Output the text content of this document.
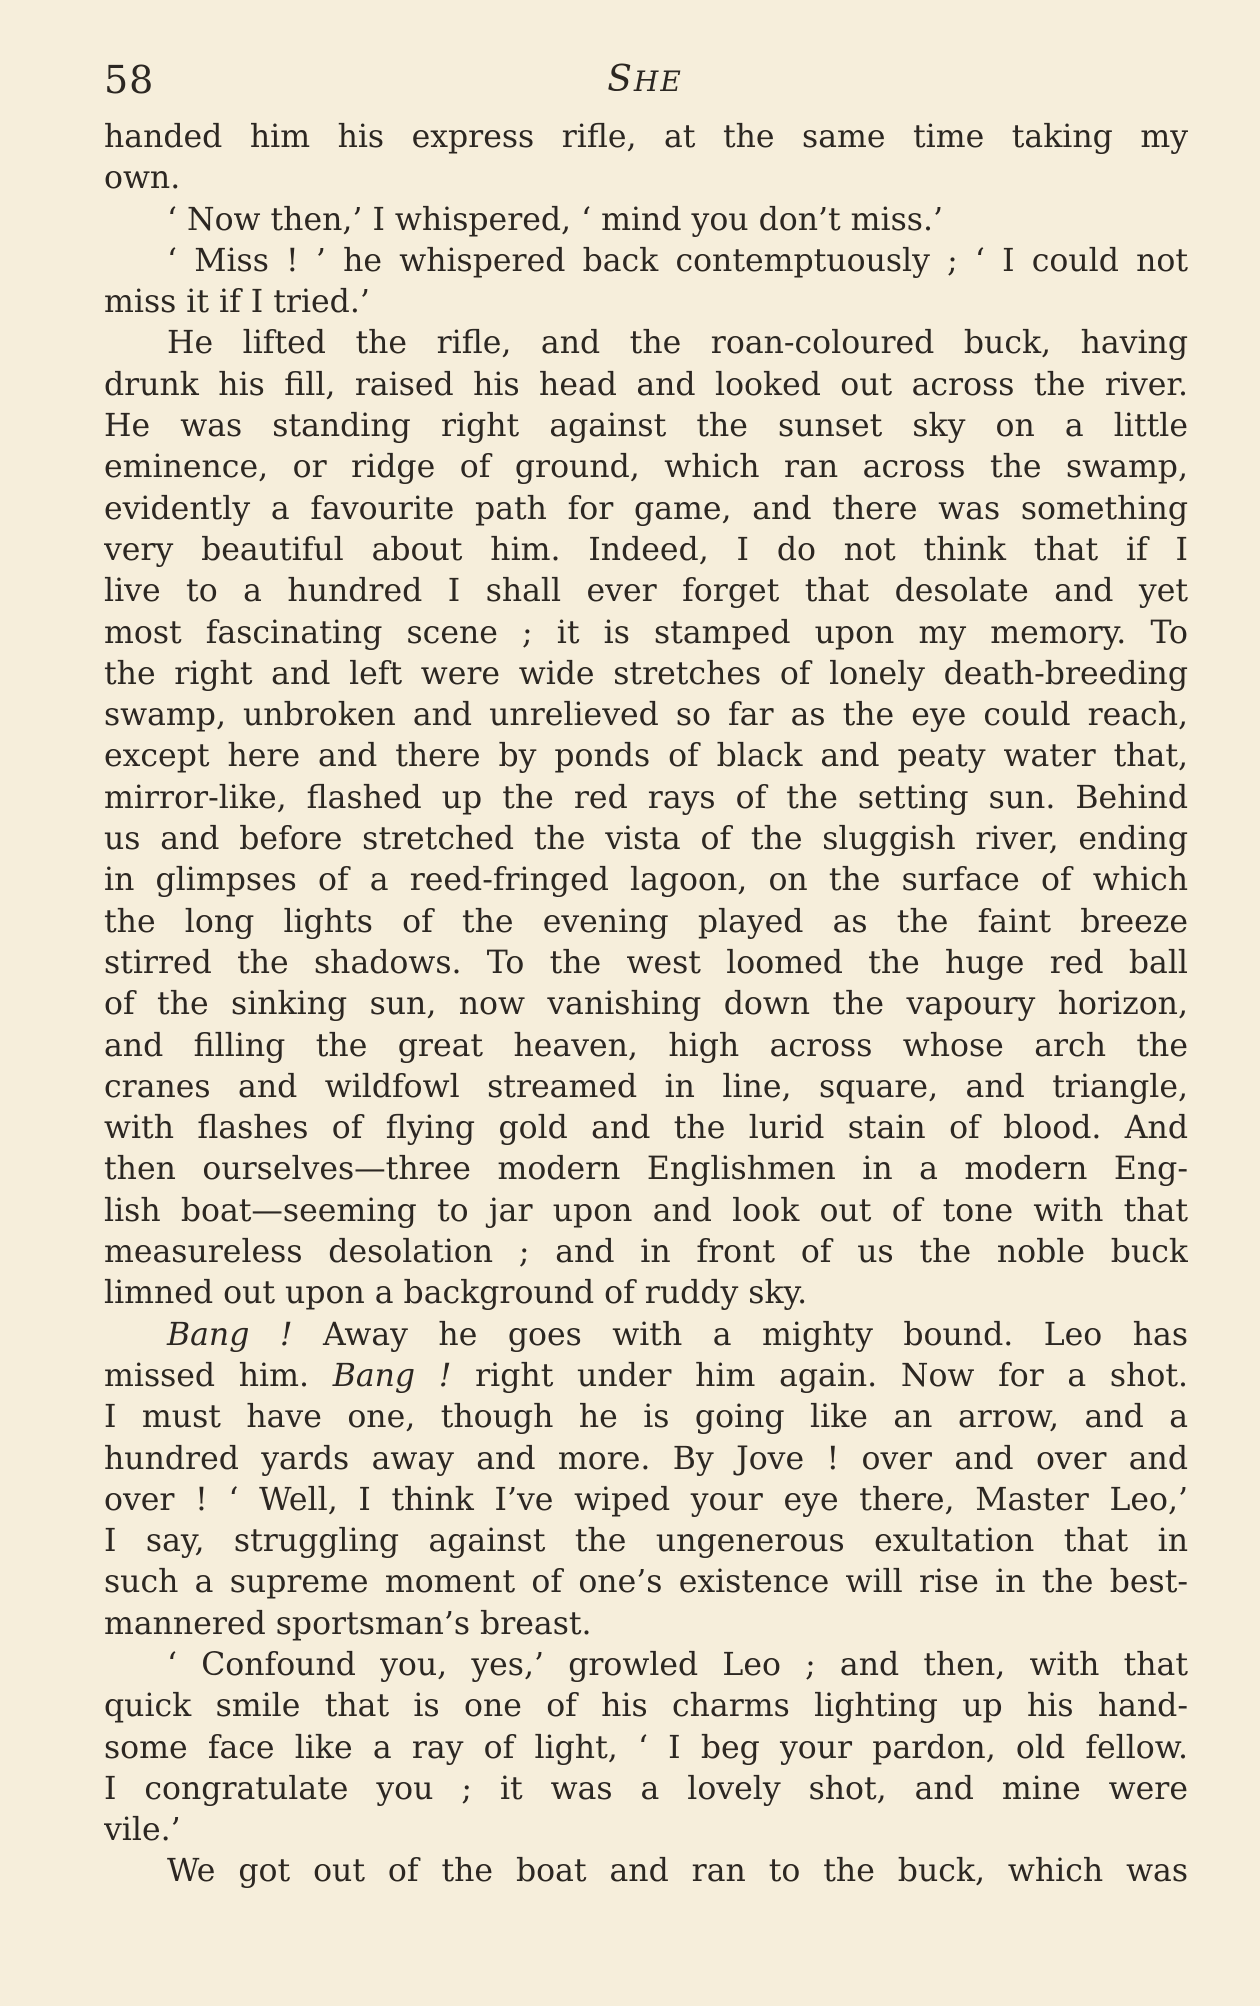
58	SHE
handed him his express rifle, at the same time taking my
own.
‘ Now then,’ I whispered, ‘ mind you don’t miss.’
‘ Miss ! ’ he whispered back contemptuously ; ‘ I could not
miss it if I tried.’
He lifted the rifle, and the roan-coloured buck, having
drunk his fill, raised his head and looked out across the river.
He was standing right against the sunset sky on a little
eminence, or ridge of ground, which ran across the swamp,
evidently a favourite path for game, and there was something
very beautiful about him. Indeed, I do not think that if I
live to a hundred I shall ever forget that desolate and yet
most fascinating scene ; it is stamped upon my memory. To
the right and left were wide stretches of lonely death-breeding
swamp, unbroken and unrelieved so far as the eye could reach,
except here and there by ponds of black and peaty water that,
mirror-like, flashed up the red rays of the setting sun. Behind
us and before stretched the vista of the sluggish river, ending
in glimpses of a reed-fringed lagoon, on the surface of which
the long lights of the evening played as the faint breeze
stirred the shadows. To the west loomed the huge red ball
of the sinking sun, now vanishing down the vapoury horizon,
and filling the great heaven, high across whose arch the
cranes and wildfowl streamed in line, square, and triangle,
with flashes of flying gold and the lurid stain of blood. And
then ourselves—three modern Englishmen in a modern Eng-
lish boat—seeming to jar upon and look out of tone with that
measureless desolation ; and in front of us the noble buck
limned out upon a background of ruddy sky.
Bang ! Away he goes with a mighty bound. Leo has
missed him. Bang ! right under him again. Now for a shot.
I must have one, though he is going like an arrow, and a
hundred yards away and more. By Jove ! over and over and
over ! ‘ Well, I think I’ve wiped your eye there, Master Leo,’
I say, struggling against the ungenerous exultation that in
such a supreme moment of one’s existence will rise in the best-
mannered sportsman’s breast.
‘ Confound you, yes,’ growled Leo ; and then, with that
quick smile that is one of his charms lighting up his hand-
some face like a ray of light, ‘ I beg your pardon, old fellow.
I congratulate you ; it was a lovely shot, and mine were
vile.’
We got out of the boat and ran to the buck, which was
